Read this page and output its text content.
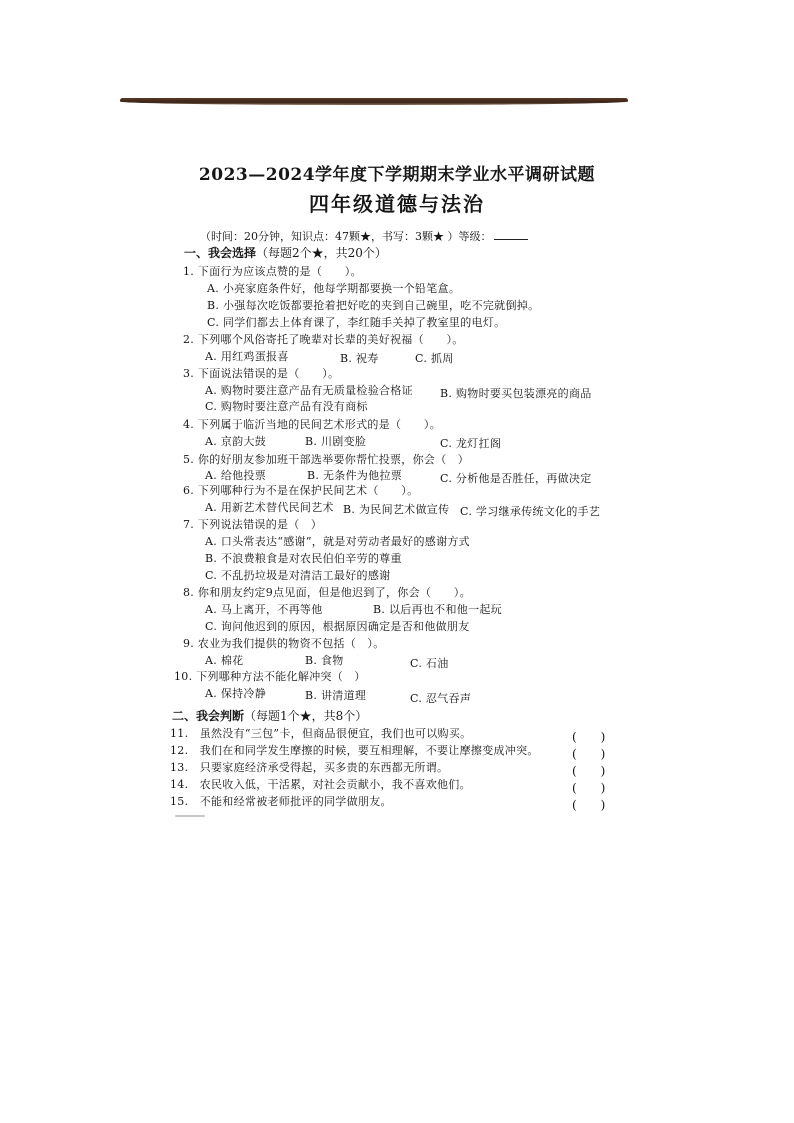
2023—2024学年度下学期期末学业水平调研试题
四年级道德与法治
（时间：20分钟，知识点：47颗★，书写：3颗★ ）等级：
一、我会选择（每题2个★，共20个）
1. 下面行为应该点赞的是（　　）。
A. 小亮家庭条件好，他每学期都要换一个铅笔盒。
B. 小强每次吃饭都要抢着把好吃的夹到自己碗里，吃不完就倒掉。
C. 同学们都去上体育课了，李红随手关掉了教室里的电灯。
2. 下列哪个风俗寄托了晚辈对长辈的美好祝福（　　）。
A. 用红鸡蛋报喜	B. 祝寿	C. 抓周
3. 下面说法错误的是（　　）。
A. 购物时要注意产品有无质量检验合格证 B. 购物时要买包装漂亮的商品
C. 购物时要注意产品有没有商标
4. 下列属于临沂当地的民间艺术形式的是（　　）。
A. 京韵大鼓	B. 川剧变脸	C. 龙灯扛阁
5. 你的好朋友参加班干部选举要你帮忙投票，你会（　）
A. 给他投票	B. 无条件为他拉票	C. 分析他是否胜任，再做决定
6. 下列哪种行为不是在保护民间艺术（　　）。
A. 用新艺术替代民间艺术 B. 为民间艺术做宣传 C. 学习继承传统文化的手艺
7. 下列说法错误的是（　）
A. 口头常表达“感谢”，就是对劳动者最好的感谢方式
B. 不浪费粮食是对农民伯伯辛劳的尊重
C. 不乱扔垃圾是对清洁工最好的感谢
8. 你和朋友约定9点见面，但是他迟到了，你会（　　）。
A. 马上离开，不再等他	B. 以后再也不和他一起玩
C. 询问他迟到的原因，根据原因确定是否和他做朋友
9. 农业为我们提供的物资不包括（　）。
A. 棉花	B. 食物	C. 石油
10. 下列哪种方法不能化解冲突（　）
A. 保持冷静	B. 讲清道理	C. 忍气吞声
二、我会判断（每题1个★，共8个）
11.　虽然没有“三包”卡，但商品很便宜，我们也可以购买。	(　　)
12.　我们在和同学发生摩擦的时候，要互相理解，不要让摩擦变成冲突。	(　　)
13.　只要家庭经济承受得起，买多贵的东西都无所谓。	(　　)
14.　农民收入低，干活累，对社会贡献小，我不喜欢他们。	(　　)
15.　不能和经常被老师批评的同学做朋友。	(　　)
